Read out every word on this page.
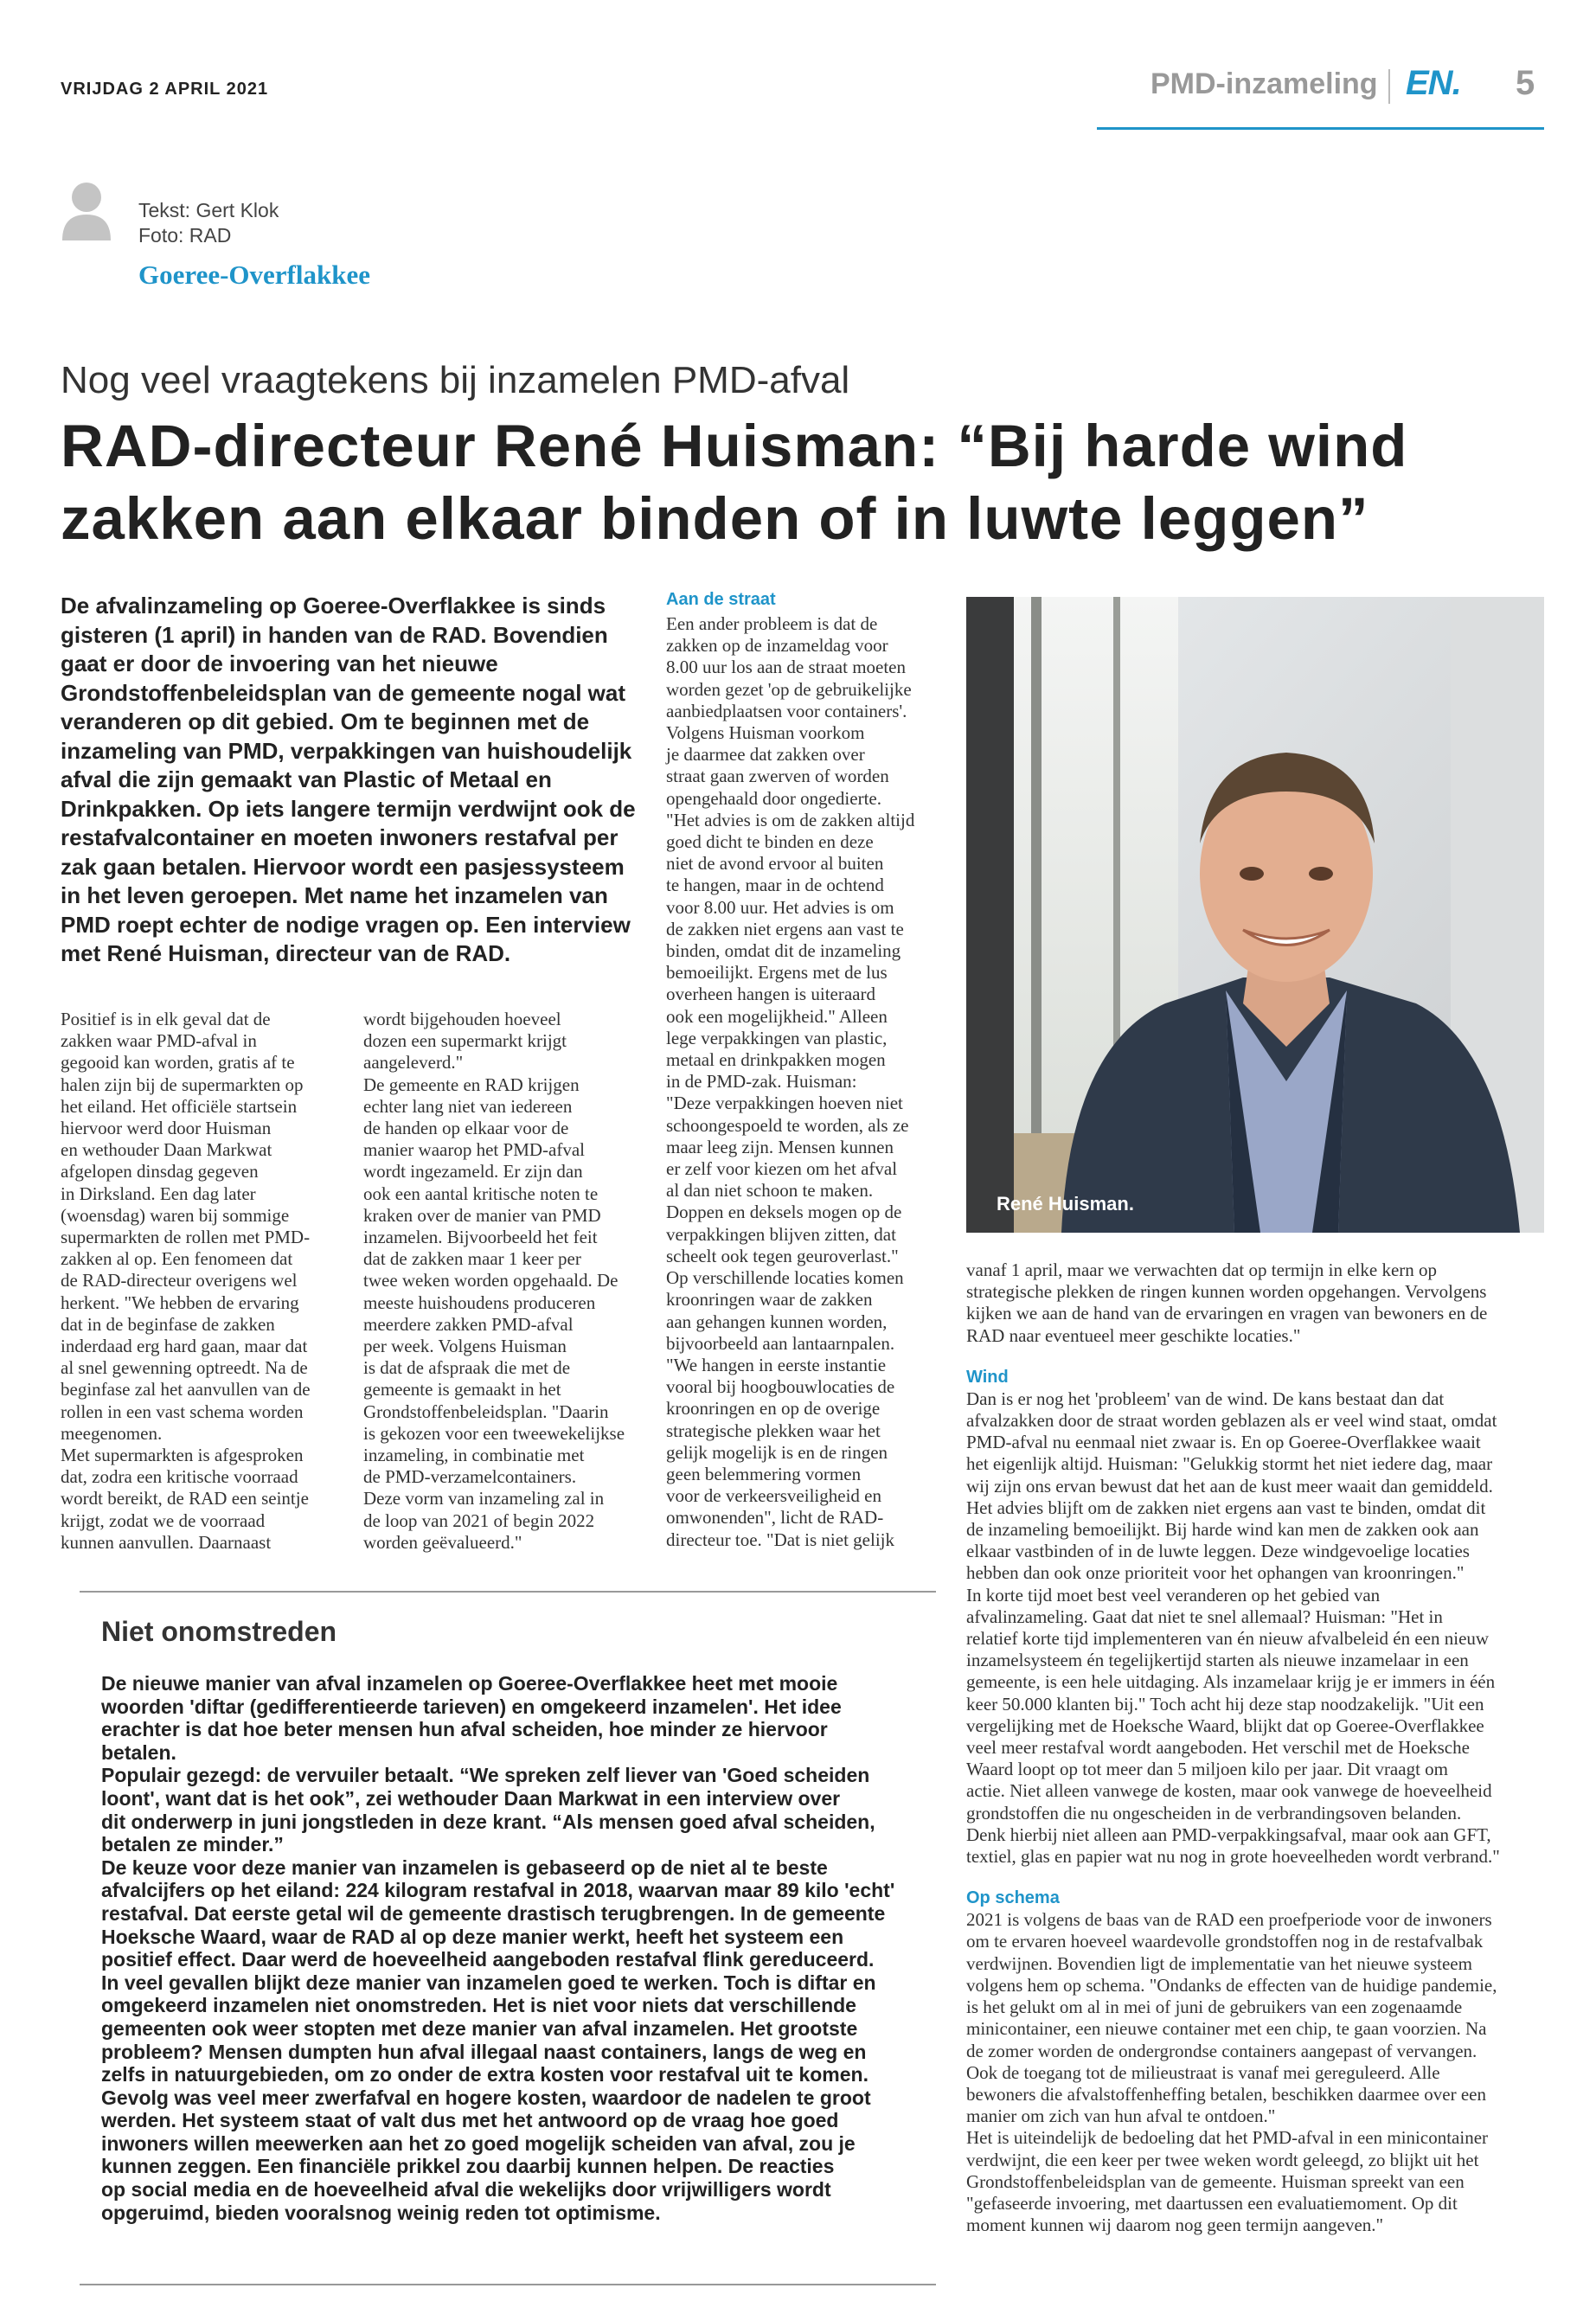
VRIJDAG 2 APRIL 2021	PMD-inzameling EN. 5
Tekst: Gert Klok
Foto: RAD
Goeree-Overflakkee
Nog veel vraagtekens bij inzamelen PMD-afval
RAD-directeur René Huisman: “Bij harde wind zakken aan elkaar binden of in luwte leggen”
De afvalinzameling op Goeree-Overflakkee is sinds gisteren (1 april) in handen van de RAD. Bovendien gaat er door de invoering van het nieuwe Grondstoffenbeleidsplan van de gemeente nogal wat veranderen op dit gebied. Om te beginnen met de inzameling van PMD, verpakkingen van huishoudelijk afval die zijn gemaakt van Plastic of Metaal en Drinkpakken. Op iets langere termijn verdwijnt ook de restafvalcontainer en moeten inwoners restafval per zak gaan betalen. Hiervoor wordt een pasjessysteem in het leven geroepen. Met name het inzamelen van PMD roept echter de nodige vragen op. Een interview met René Huisman, directeur van de RAD.
Positief is in elk geval dat de
zakken waar PMD-afval in
gegooid kan worden, gratis af te
halen zijn bij de supermarkten op
het eiland. Het officiële startsein
hiervoor werd door Huisman
en wethouder Daan Markwat
afgelopen dinsdag gegeven
in Dirksland. Een dag later
(woensdag) waren bij sommige
supermarkten de rollen met PMD-
zakken al op. Een fenomeen dat
de RAD-directeur overigens wel
herkent. "We hebben de ervaring
dat in de beginfase de zakken
inderdaad erg hard gaan, maar dat
al snel gewenning optreedt. Na de
beginfase zal het aanvullen van de
rollen in een vast schema worden
meegenomen.
Met supermarkten is afgesproken
dat, zodra een kritische voorraad
wordt bereikt, de RAD een seintje
krijgt, zodat we de voorraad
kunnen aanvullen. Daarnaast
wordt bijgehouden hoeveel
dozen een supermarkt krijgt
aangeleverd."
De gemeente en RAD krijgen
echter lang niet van iedereen
de handen op elkaar voor de
manier waarop het PMD-afval
wordt ingezameld. Er zijn dan
ook een aantal kritische noten te
kraken over de manier van PMD
inzamelen. Bijvoorbeeld het feit
dat de zakken maar 1 keer per
twee weken worden opgehaald. De
meeste huishoudens produceren
meerdere zakken PMD-afval
per week. Volgens Huisman
is dat de afspraak die met de
gemeente is gemaakt in het
Grondstoffenbeleidsplan. "Daarin
is gekozen voor een tweewekelijkse
inzameling, in combinatie met
de PMD-verzamelcontainers.
Deze vorm van inzameling zal in
de loop van 2021 of begin 2022
worden geëvalueerd."
Aan de straat
Een ander probleem is dat de
zakken op de inzameldag voor
8.00 uur los aan de straat moeten
worden gezet 'op de gebruikelijke
aanbiedplaatsen voor containers'.
Volgens Huisman voorkom
je daarmee dat zakken over
straat gaan zwerven of worden
opengehaald door ongedierte.
"Het advies is om de zakken altijd
goed dicht te binden en deze
niet de avond ervoor al buiten
te hangen, maar in de ochtend
voor 8.00 uur. Het advies is om
de zakken niet ergens aan vast te
binden, omdat dit de inzameling
bemoeilijkt. Ergens met de lus
overheen hangen is uiteraard
ook een mogelijkheid." Alleen
lege verpakkingen van plastic,
metaal en drinkpakken mogen
in de PMD-zak. Huisman:
"Deze verpakkingen hoeven niet
schoongespoeld te worden, als ze
maar leeg zijn. Mensen kunnen
er zelf voor kiezen om het afval
al dan niet schoon te maken.
Doppen en deksels mogen op de
verpakkingen blijven zitten, dat
scheelt ook tegen geuroverlast."
Op verschillende locaties komen
kroonringen waar de zakken
aan gehangen kunnen worden,
bijvoorbeeld aan lantaarnpalen.
"We hangen in eerste instantie
vooral bij hoogbouwlocaties de
kroonringen en op de overige
strategische plekken waar het
gelijk mogelijk is en de ringen
geen belemmering vormen
voor de verkeersveiligheid en
omwonenden", licht de RAD-
directeur toe. "Dat is niet gelijk
René Huisman.

vanaf 1 april, maar we verwachten dat op termijn in elke kern op
strategische plekken de ringen kunnen worden opgehangen. Vervolgens
kijken we aan de hand van de ervaringen en vragen van bewoners en de
RAD naar eventueel meer geschikte locaties."

Wind

Dan is er nog het 'probleem' van de wind. De kans bestaat dan dat
afvalzakken door de straat worden geblazen als er veel wind staat, omdat
PMD-afval nu eenmaal niet zwaar is. En op Goeree-Overflakkee waait
het eigenlijk altijd. Huisman: "Gelukkig stormt het niet iedere dag, maar
wij zijn ons ervan bewust dat het aan de kust meer waait dan gemiddeld.
Het advies blijft om de zakken niet ergens aan vast te binden, omdat dit
de inzameling bemoeilijkt. Bij harde wind kan men de zakken ook aan
elkaar vastbinden of in de luwte leggen. Deze windgevoelige locaties
hebben dan ook onze prioriteit voor het ophangen van kroonringen."
In korte tijd moet best veel veranderen op het gebied van
afvalinzameling. Gaat dat niet te snel allemaal? Huisman: "Het in
relatief korte tijd implementeren van én nieuw afvalbeleid én een nieuw
inzamelsysteem én tegelijkertijd starten als nieuwe inzamelaar in een
gemeente, is een hele uitdaging. Als inzamelaar krijg je er immers in één
keer 50.000 klanten bij." Toch acht hij deze stap noodzakelijk. "Uit een
vergelijking met de Hoeksche Waard, blijkt dat op Goeree-Overflakkee
veel meer restafval wordt aangeboden. Het verschil met de Hoeksche
Waard loopt op tot meer dan 5 miljoen kilo per jaar. Dit vraagt om
actie. Niet alleen vanwege de kosten, maar ook vanwege de hoeveelheid
grondstoffen die nu ongescheiden in de verbrandingsoven belanden.
Denk hierbij niet alleen aan PMD-verpakkingsafval, maar ook aan GFT,
textiel, glas en papier wat nu nog in grote hoeveelheden wordt verbrand."

Op schema

2021 is volgens de baas van de RAD een proefperiode voor de inwoners
om te ervaren hoeveel waardevolle grondstoffen nog in de restafvalbak
verdwijnen. Bovendien ligt de implementatie van het nieuwe systeem
volgens hem op schema. "Ondanks de effecten van de huidige pandemie,
is het gelukt om al in mei of juni de gebruikers van een zogenaamde
minicontainer, een nieuwe container met een chip, te gaan voorzien. Na
de zomer worden de ondergrondse containers aangepast of vervangen.
Ook de toegang tot de milieustraat is vanaf mei gereguleerd. Alle
bewoners die afvalstoffenheffing betalen, beschikken daarmee over een
manier om zich van hun afval te ontdoen."
Het is uiteindelijk de bedoeling dat het PMD-afval in een minicontainer
verdwijnt, die een keer per twee weken wordt geleegd, zo blijkt uit het
Grondstoffenbeleidsplan van de gemeente. Huisman spreekt van een
"gefaseerde invoering, met daartussen een evaluatiemoment. Op dit
moment kunnen wij daarom nog geen termijn aangeven."

Niet onomstreden
De nieuwe manier van afval inzamelen op Goeree-Overflakkee heet met mooie
woorden 'diftar (gedifferentieerde tarieven) en omgekeerd inzamelen'. Het idee
erachter is dat hoe beter mensen hun afval scheiden, hoe minder ze hiervoor betalen.
Populair gezegd: de vervuiler betaalt. “We spreken zelf liever van 'Goed scheiden
loont', want dat is het ook”, zei wethouder Daan Markwat in een interview over
dit onderwerp in juni jongstleden in deze krant. “Als mensen goed afval scheiden,
betalen ze minder.”
De keuze voor deze manier van inzamelen is gebaseerd op de niet al te beste
afvalcijfers op het eiland: 224 kilogram restafval in 2018, waarvan maar 89 kilo 'echt'
restafval. Dat eerste getal wil de gemeente drastisch terugbrengen. In de gemeente
Hoeksche Waard, waar de RAD al op deze manier werkt, heeft het systeem een
positief effect. Daar werd de hoeveelheid aangeboden restafval flink gereduceerd.
In veel gevallen blijkt deze manier van inzamelen goed te werken. Toch is diftar en
omgekeerd inzamelen niet onomstreden. Het is niet voor niets dat verschillende
gemeenten ook weer stopten met deze manier van afval inzamelen. Het grootste
probleem? Mensen dumpten hun afval illegaal naast containers, langs de weg en
zelfs in natuurgebieden, om zo onder de extra kosten voor restafval uit te komen.
Gevolg was veel meer zwerfafval en hogere kosten, waardoor de nadelen te groot
werden. Het systeem staat of valt dus met het antwoord op de vraag hoe goed
inwoners willen meewerken aan het zo goed mogelijk scheiden van afval, zou je
kunnen zeggen. Een financiële prikkel zou daarbij kunnen helpen. De reacties
op social media en de hoeveelheid afval die wekelijks door vrijwilligers wordt
opgeruimd, bieden vooralsnog weinig reden tot optimisme.
